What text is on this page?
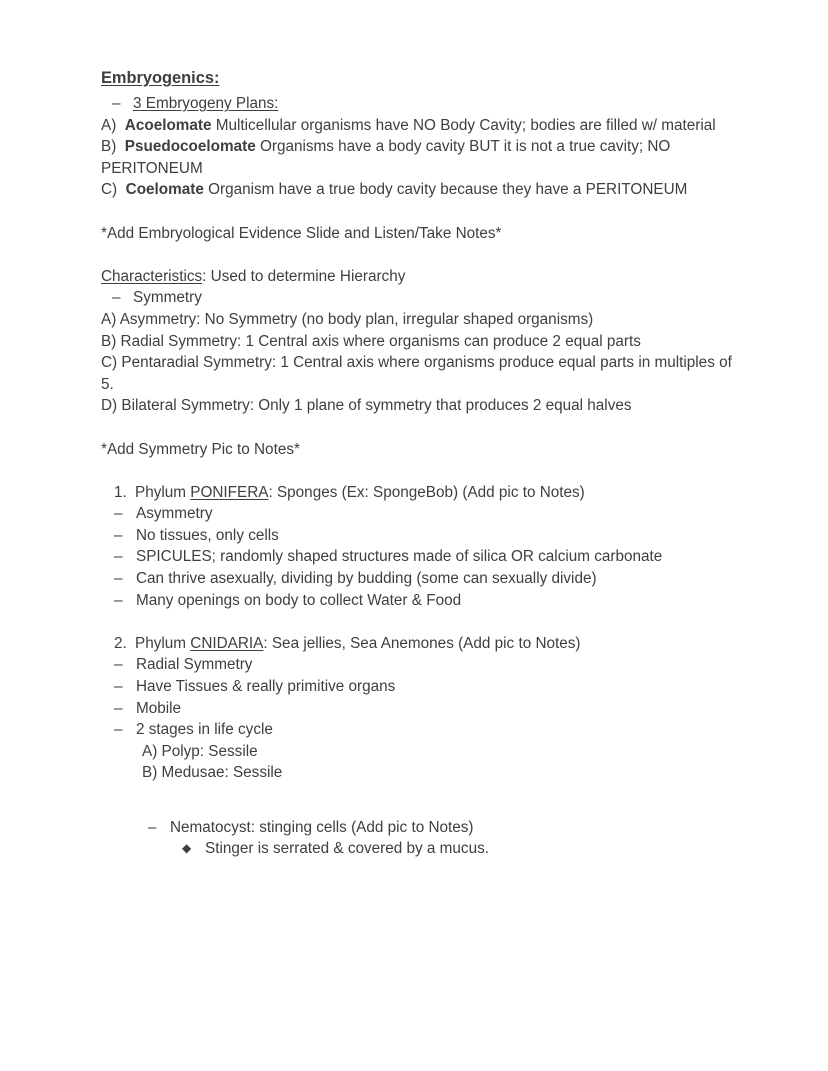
Embryogenics:
– 3 Embryogeny Plans:
A) Acoelomate Multicellular organisms have NO Body Cavity; bodies are filled w/ material
B) Psuedocoelomate Organisms have a body cavity BUT it is not a true cavity; NO PERITONEUM
C) Coelomate Organism have a true body cavity because they have a PERITONEUM
*Add Embryological Evidence Slide and Listen/Take Notes*
Characteristics: Used to determine Hierarchy
– Symmetry
A) Asymmetry: No Symmetry (no body plan, irregular shaped organisms)
B) Radial Symmetry: 1 Central axis where organisms can produce 2 equal parts
C) Pentaradial Symmetry: 1 Central axis where organisms produce equal parts in multiples of 5.
D) Bilateral Symmetry: Only 1 plane of symmetry that produces 2 equal halves
*Add Symmetry Pic to Notes*
1. Phylum PONIFERA: Sponges (Ex: SpongeBob) (Add pic to Notes)
– Asymmetry
– No tissues, only cells
– SPICULES; randomly shaped structures made of silica OR calcium carbonate
– Can thrive asexually, dividing by budding (some can sexually divide)
– Many openings on body to collect Water & Food
2. Phylum CNIDARIA: Sea jellies, Sea Anemones (Add pic to Notes)
– Radial Symmetry
– Have Tissues & really primitive organs
– Mobile
– 2 stages in life cycle
A) Polyp: Sessile
B) Medusae: Sessile
– Nematocyst: stinging cells (Add pic to Notes)
◆ Stinger is serrated & covered by a mucus.
